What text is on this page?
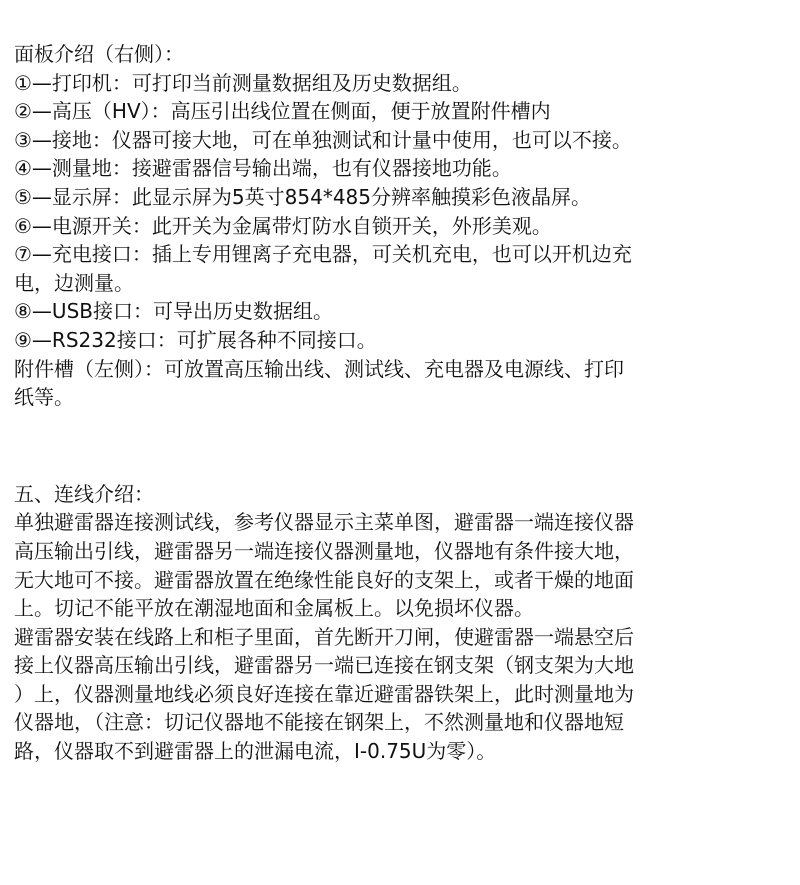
面板介绍（右侧）：
①—打印机：可打印当前测量数据组及历史数据组。
②—高压（HV）：高压引出线位置在侧面，便于放置附件槽内
③—接地：仪器可接大地，可在单独测试和计量中使用，也可以不接。
④—测量地：接避雷器信号输出端，也有仪器接地功能。
⑤—显示屏：此显示屏为5英寸854*485分辨率触摸彩色液晶屏。
⑥—电源开关：此开关为金属带灯防水自锁开关，外形美观。
⑦—充电接口：插上专用锂离子充电器，可关机充电，也可以开机边充
电，边测量。
⑧—USB接口：可导出历史数据组。
⑨—RS232接口：可扩展各种不同接口。
附件槽（左侧）：可放置高压输出线、测试线、充电器及电源线、打印
纸等。
五、连线介绍：
单独避雷器连接测试线，参考仪器显示主菜单图，避雷器一端连接仪器
高压输出引线，避雷器另一端连接仪器测量地，仪器地有条件接大地，
无大地可不接。避雷器放置在绝缘性能良好的支架上，或者干燥的地面
上。切记不能平放在潮湿地面和金属板上。以免损坏仪器。
避雷器安装在线路上和柜子里面，首先断开刀闸，使避雷器一端悬空后
接上仪器高压输出引线，避雷器另一端已连接在钢支架（钢支架为大地
）上，仪器测量地线必须良好连接在靠近避雷器铁架上，此时测量地为
仪器地，（注意：切记仪器地不能接在钢架上，不然测量地和仪器地短
路，仪器取不到避雷器上的泄漏电流，I-0.75U为零）。
